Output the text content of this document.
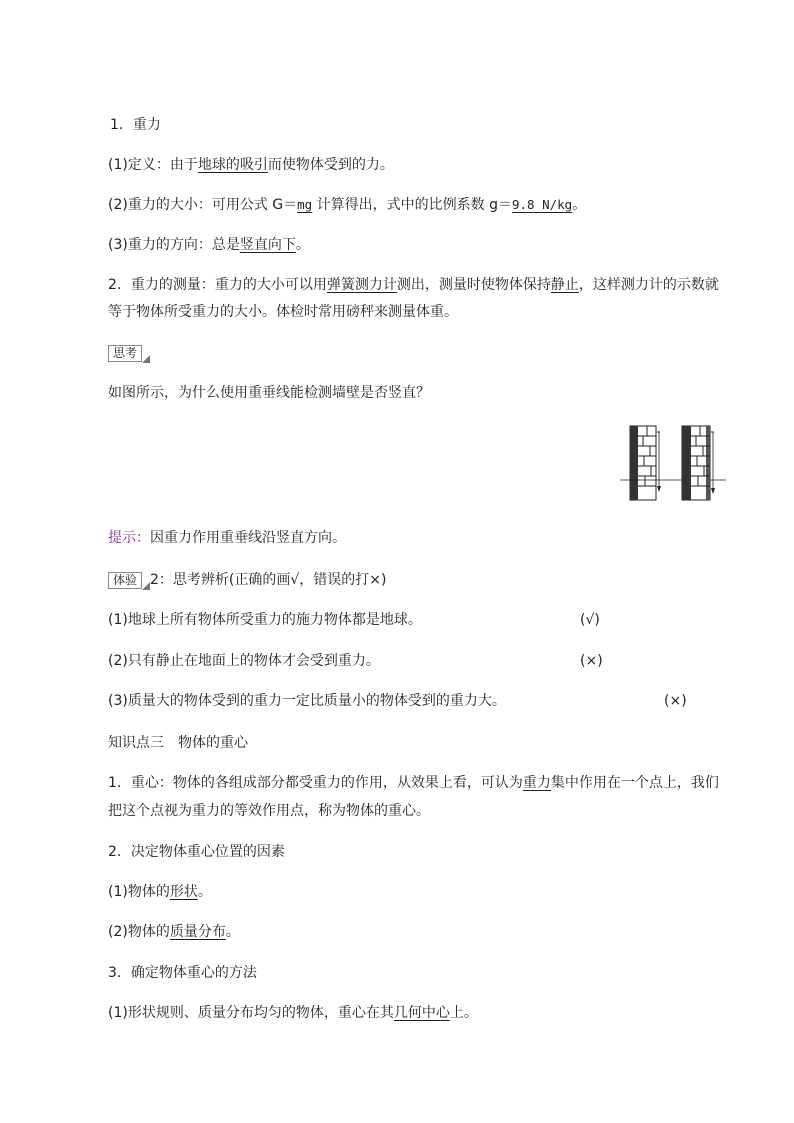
1．重力
(1)定义：由于地球的吸引而使物体受到的力。
(2)重力的大小：可用公式 G＝mg 计算得出，式中的比例系数 g＝9.8 N/kg。
(3)重力的方向：总是竖直向下。
2．重力的测量：重力的大小可以用弹簧测力计测出，测量时使物体保持静止，这样测力计的示数就
等于物体所受重力的大小。体检时常用磅秤来测量体重。
思考
如图所示，为什么使用重垂线能检测墙壁是否竖直？
提示：因重力作用重垂线沿竖直方向。
体验 2：思考辨析(正确的画√，错误的打×)
(1)地球上所有物体所受重力的施力物体都是地球。	(√)
(2)只有静止在地面上的物体才会受到重力。	(×)
(3)质量大的物体受到的重力一定比质量小的物体受到的重力大。	(×)
知识点三　物体的重心
1．重心：物体的各组成部分都受重力的作用，从效果上看，可认为重力集中作用在一个点上，我们
把这个点视为重力的等效作用点，称为物体的重心。
2．决定物体重心位置的因素
(1)物体的形状。
(2)物体的质量分布。
3．确定物体重心的方法
(1)形状规则、质量分布均匀的物体，重心在其几何中心上。
